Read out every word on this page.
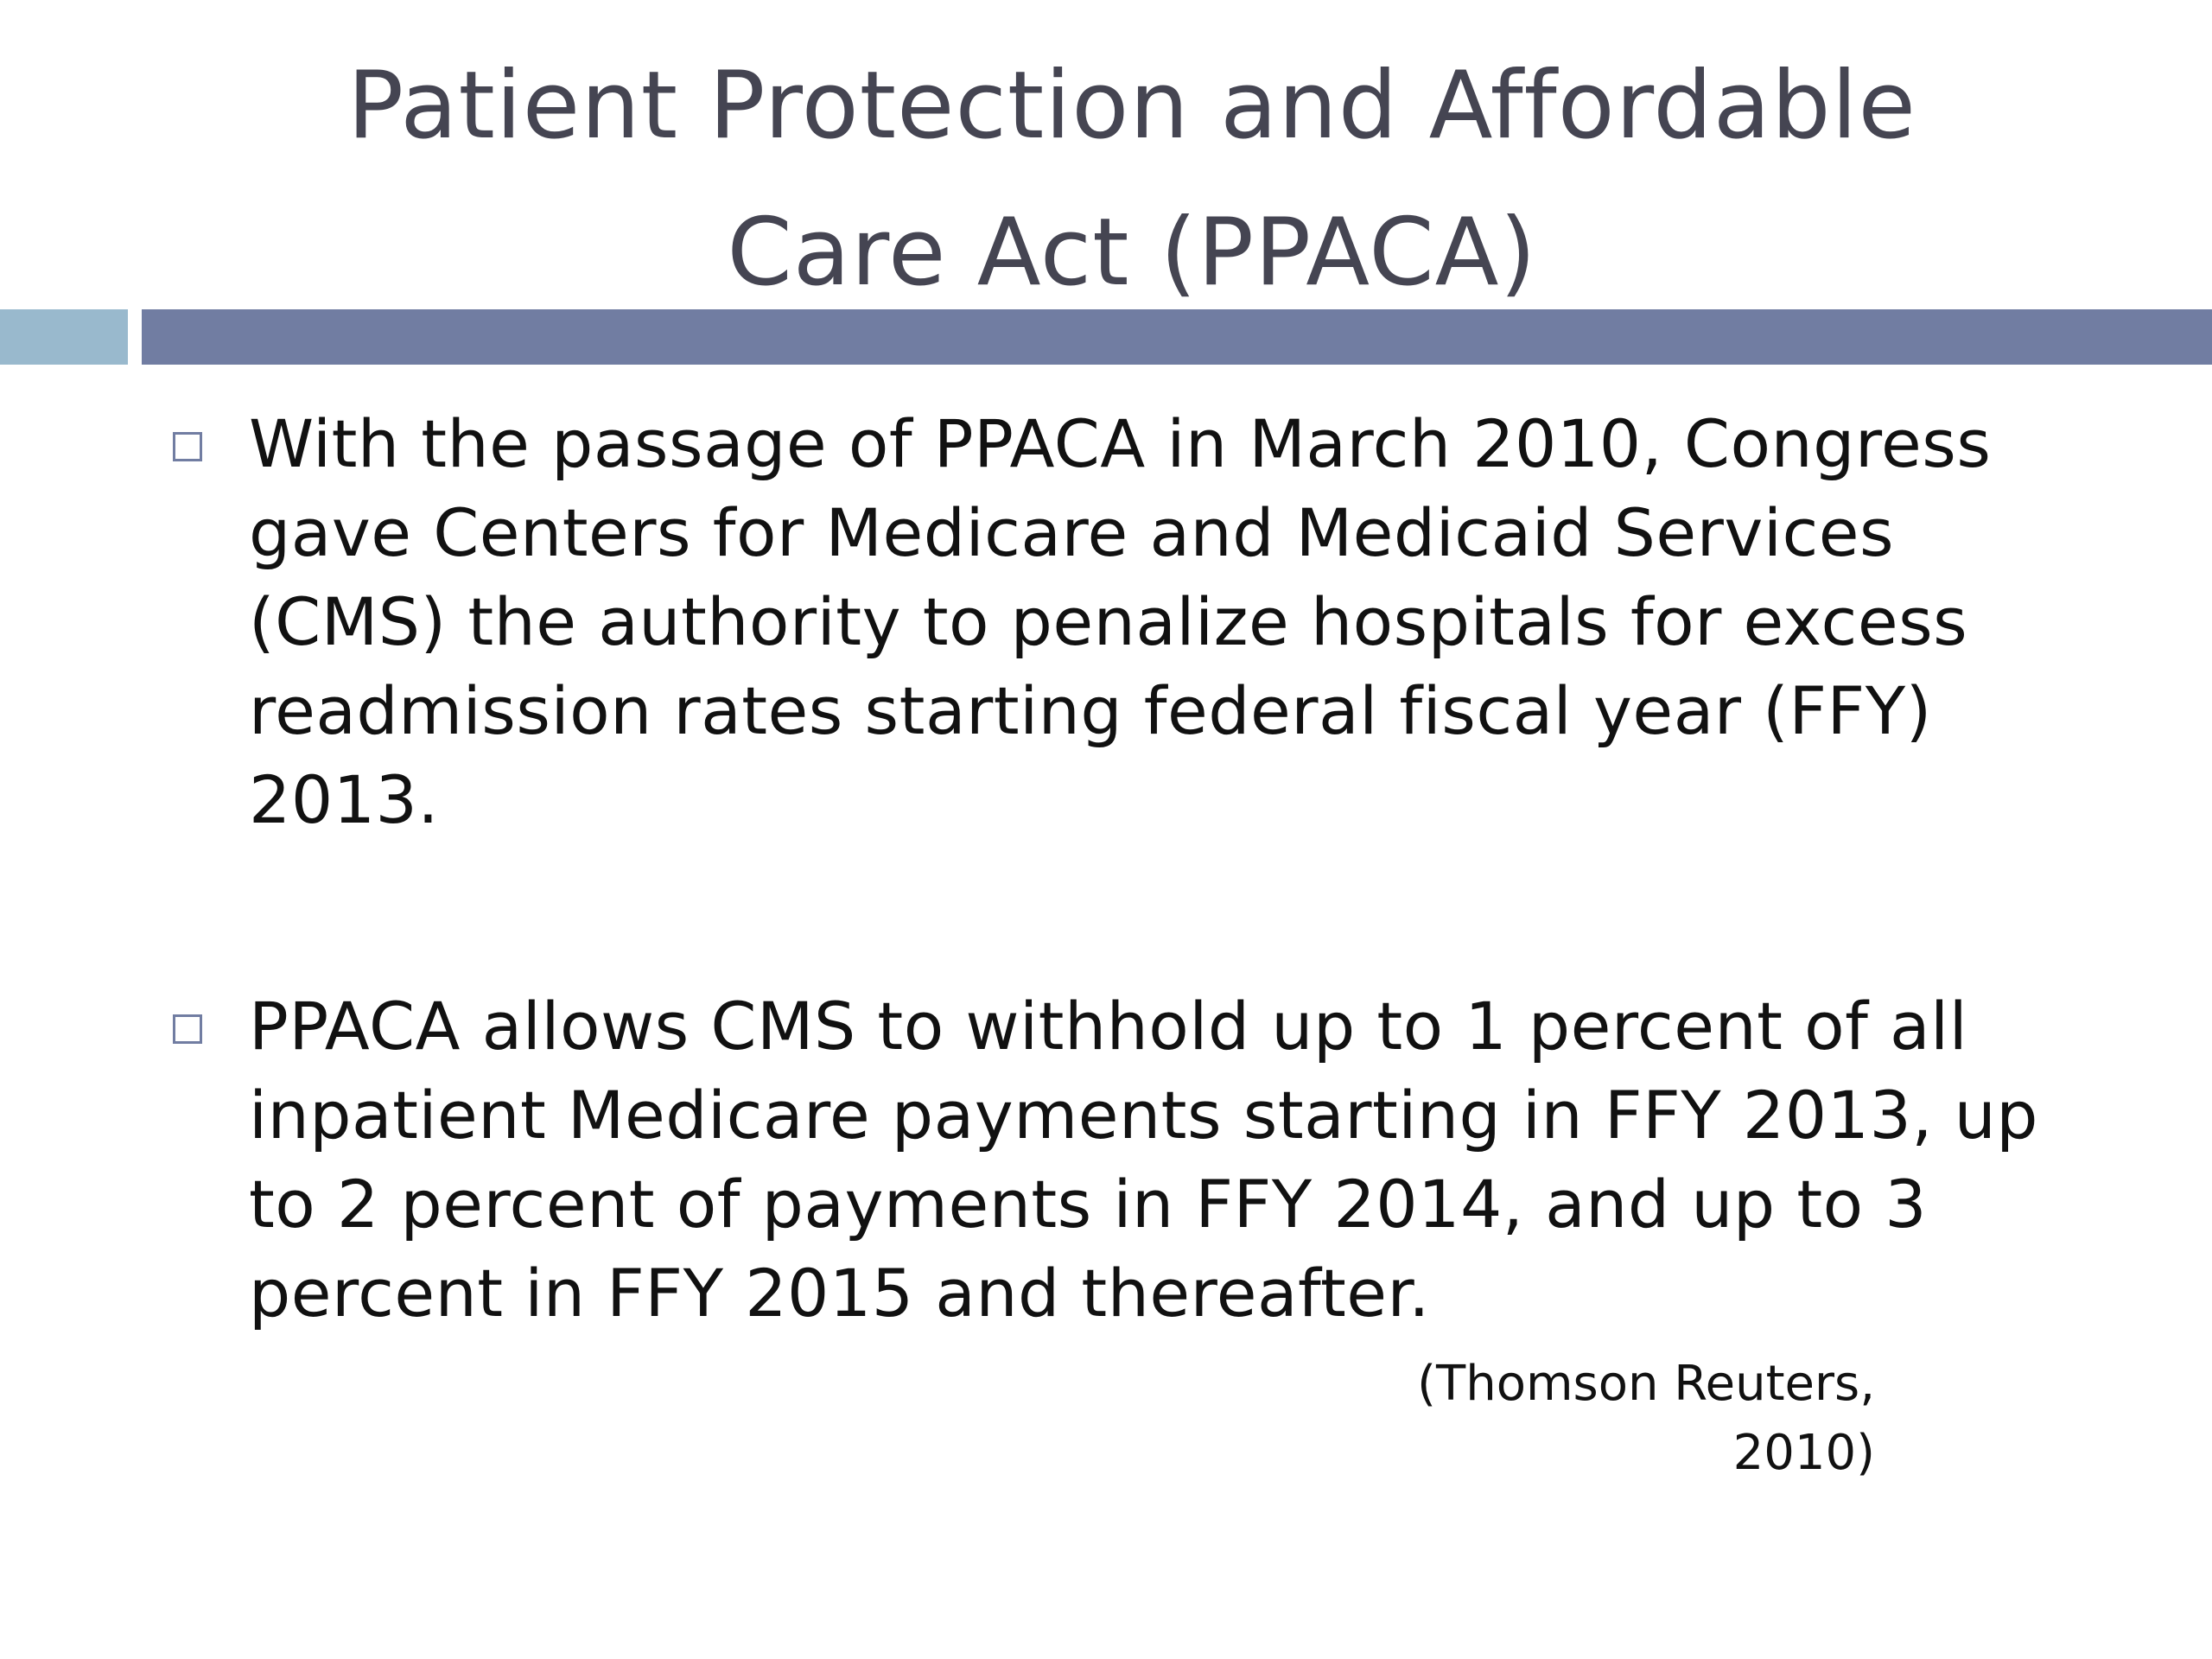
Patient Protection and Affordable
Care Act (PPACA)
With the passage of PPACA in March 2010, Congress gave Centers for Medicare and Medicaid Services (CMS) the authority to penalize hospitals for excess readmission rates starting federal fiscal year (FFY) 2013.
PPACA allows CMS to withhold up to 1 percent of all inpatient Medicare payments starting in FFY 2013, up to 2 percent of payments in FFY 2014, and up to 3 percent in FFY 2015 and thereafter.
(Thomson Reuters, 2010)
